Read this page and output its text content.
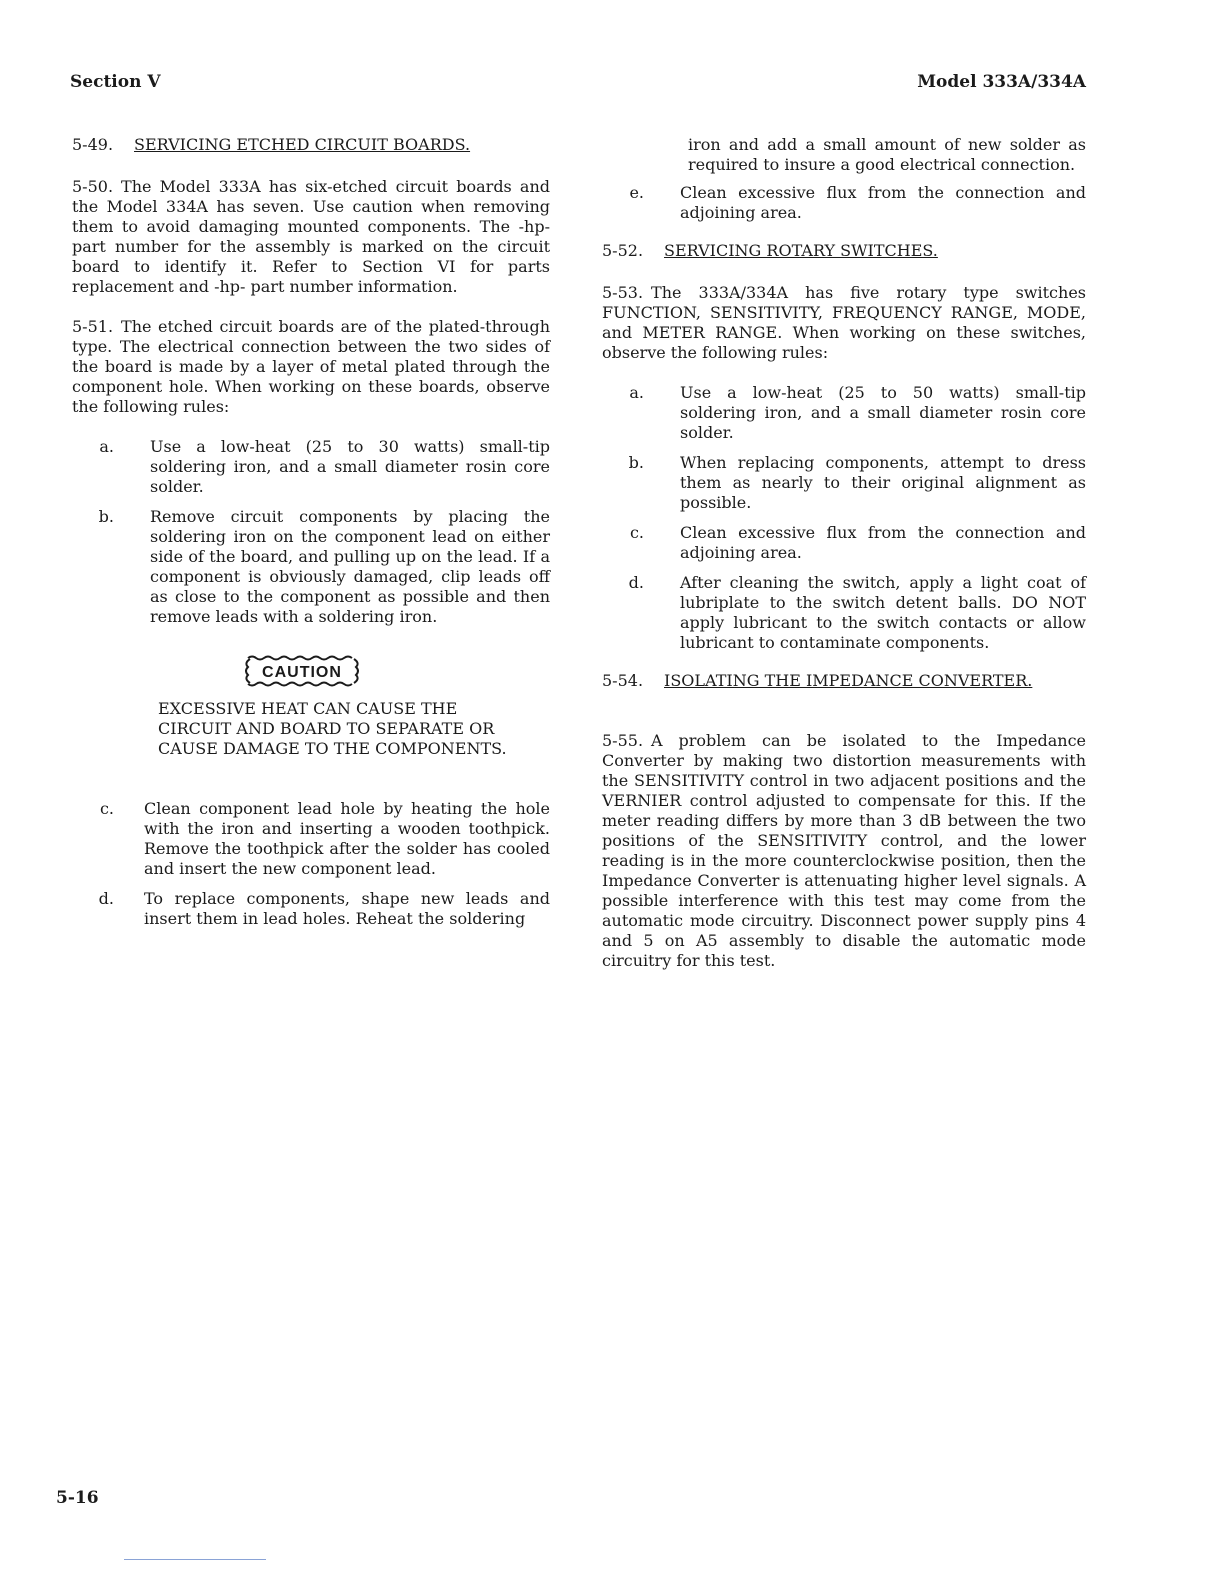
Section V	Model 333A/334A
5-49. SERVICING ETCHED CIRCUIT BOARDS.

5-50. The Model 333A has six-etched circuit boards and the Model 334A has seven. Use caution when removing them to avoid damaging mounted components. The -hp- part number for the assembly is marked on the circuit board to identify it. Refer to Section VI for parts replacement and -hp- part number information.

5-51. The etched circuit boards are of the plated-through type. The electrical connection between the two sides of the board is made by a layer of metal plated through the component hole. When working on these boards, observe the following rules:

a.	Use a low-heat (25 to 30 watts) small-tip soldering iron, and a small diameter rosin core solder.
b.	Remove circuit components by placing the soldering iron on the component lead on either side of the board, and pulling up on the lead. If a component is obviously damaged, clip leads off as close to the component as possible and then remove leads with a soldering iron.
CAUTION
EXCESSIVE HEAT CAN CAUSE THE CIRCUIT AND BOARD TO SEPARATE OR CAUSE DAMAGE TO THE COMPONENTS.
c.	Clean component lead hole by heating the hole with the iron and inserting a wooden toothpick. Remove the toothpick after the solder has cooled and insert the new component lead.
d.	To replace components, shape new leads and insert them in lead holes. Reheat the soldering
iron and add a small amount of new solder as required to insure a good electrical connection.
e.	Clean excessive flux from the connection and adjoining area.
5-52. SERVICING ROTARY SWITCHES.

5-53. The 333A/334A has five rotary type switches FUNCTION, SENSITIVITY, FREQUENCY RANGE, MODE, and METER RANGE. When working on these switches, observe the following rules:

a.	Use a low-heat (25 to 50 watts) small-tip soldering iron, and a small diameter rosin core solder.
b.	When replacing components, attempt to dress them as nearly to their original alignment as possible.
c.	Clean excessive flux from the connection and adjoining area.
d.	After cleaning the switch, apply a light coat of lubriplate to the switch detent balls. DO NOT apply lubricant to the switch contacts or allow lubricant to contaminate components.
5-54. ISOLATING THE IMPEDANCE CONVERTER.

5-55. A problem can be isolated to the Impedance Converter by making two distortion measurements with the SENSITIVITY control in two adjacent positions and the VERNIER control adjusted to compensate for this. If the meter reading differs by more than 3 dB between the two positions of the SENSITIVITY control, and the lower reading is in the more counterclockwise position, then the Impedance Converter is attenuating higher level signals. A possible interference with this test may come from the automatic mode circuitry. Disconnect power supply pins 4 and 5 on A5 assembly to disable the automatic mode circuitry for this test.

5-16
